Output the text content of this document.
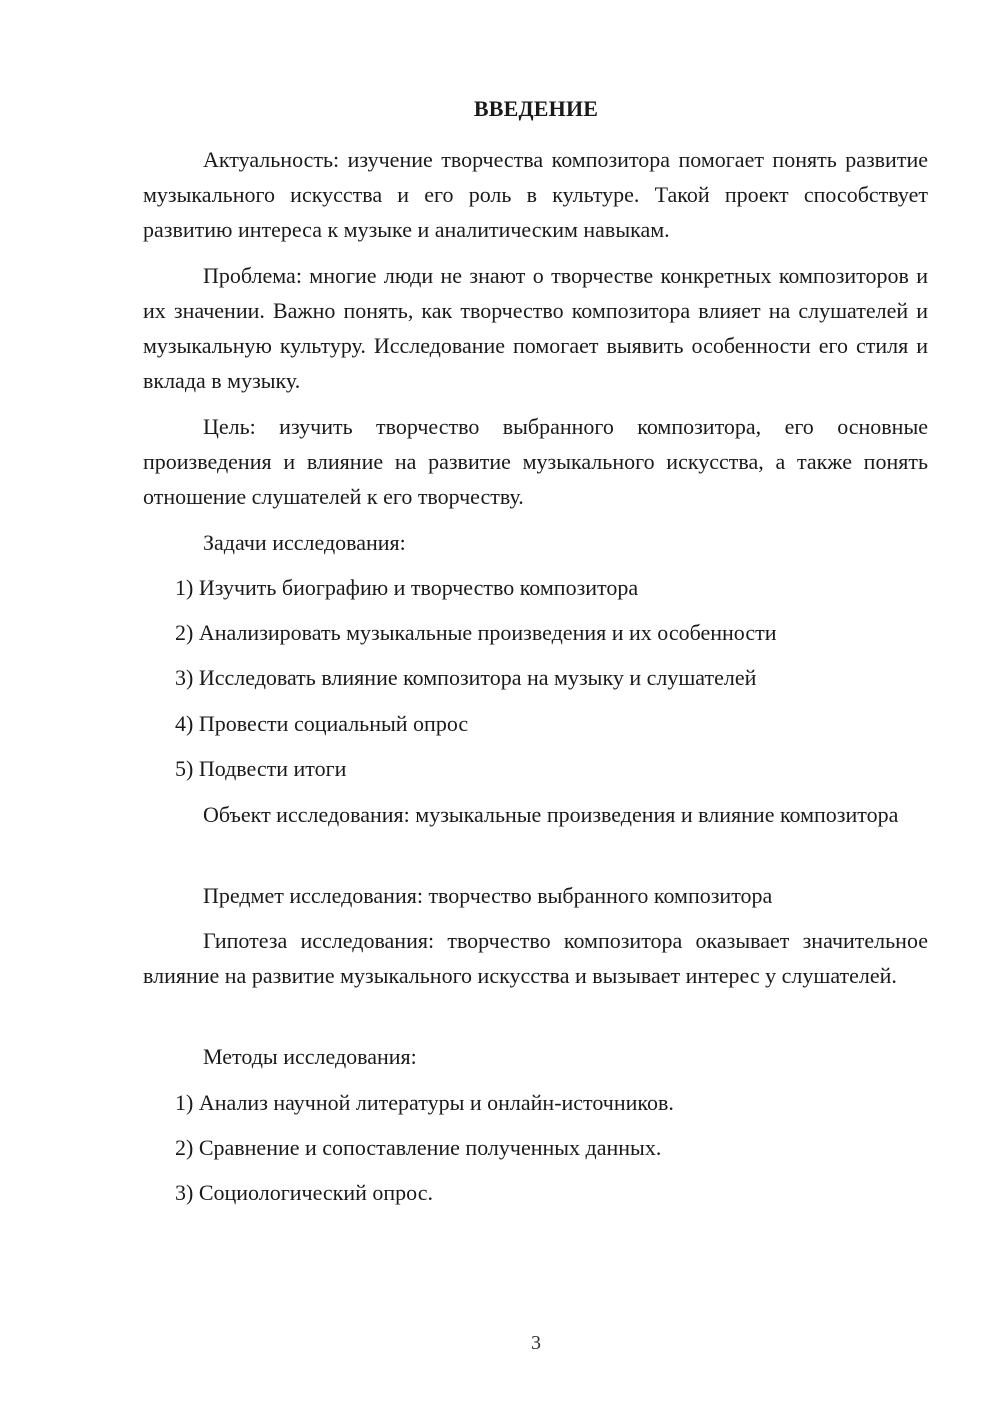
ВВЕДЕНИЕ

Актуальность: изучение творчества композитора помогает понять развитие музыкального искусства и его роль в культуре. Такой проект способствует развитию интереса к музыке и аналитическим навыкам.

Проблема: многие люди не знают о творчестве конкретных композиторов и их значении. Важно понять, как творчество композитора влияет на слушателей и музыкальную культуру. Исследование помогает выявить особенности его стиля и вклада в музыку.

Цель: изучить творчество выбранного композитора, его основные произведения и влияние на развитие музыкального искусства, а также понять отношение слушателей к его творчеству.

Задачи исследования:

1) Изучить биографию и творчество композитора

2) Анализировать музыкальные произведения и их особенности

3) Исследовать влияние композитора на музыку и слушателей

4) Провести социальный опрос

5) Подвести итоги

Объект исследования: музыкальные произведения и влияние композитора

Предмет исследования: творчество выбранного композитора

Гипотеза исследования: творчество композитора оказывает значительное влияние на развитие музыкального искусства и вызывает интерес у слушателей.

Методы исследования:

1) Анализ научной литературы и онлайн-источников.

2) Сравнение и сопоставление полученных данных.

3) Социологический опрос.

3
